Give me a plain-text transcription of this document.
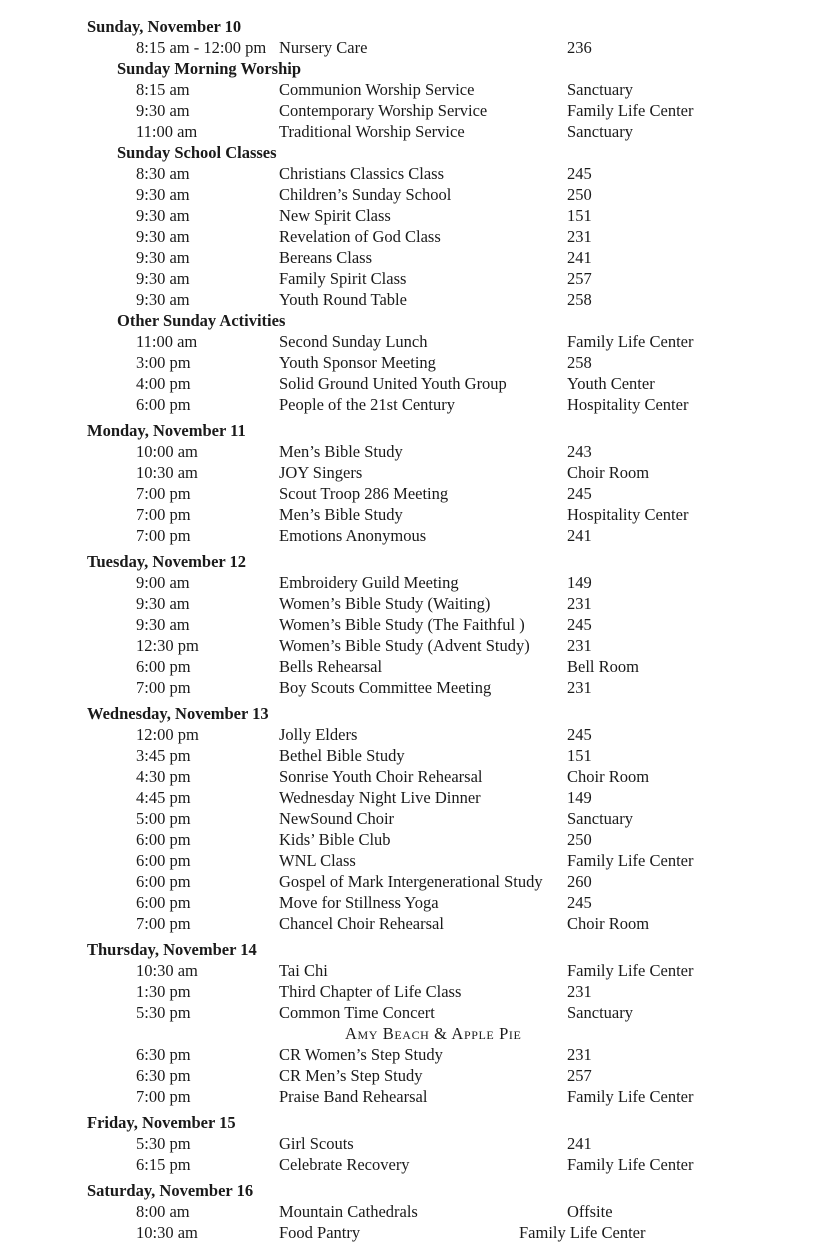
Sunday, November 10
8:15 am - 12:00 pm Nursery Care	236
Sunday Morning Worship
8:15 am	Communion Worship Service	Sanctuary
9:30 am	Contemporary Worship Service	Family Life Center
11:00 am	Traditional Worship Service	Sanctuary
Sunday School Classes
8:30 am	Christians Classics Class	245
9:30 am	Children’s Sunday School	250
9:30 am	New Spirit Class	151
9:30 am	Revelation of God Class	231
9:30 am	Bereans Class	241
9:30 am	Family Spirit Class	257
9:30 am	Youth Round Table	258
Other Sunday Activities
11:00 am	Second Sunday Lunch	Family Life Center
3:00 pm	Youth Sponsor Meeting	258
4:00 pm	Solid Ground United Youth Group	Youth Center
6:00 pm	People of the 21st Century	Hospitality Center
Monday, November 11
10:00 am	Men’s Bible Study	243
10:30 am	JOY Singers	Choir Room
7:00 pm	Scout Troop 286 Meeting	245
7:00 pm	Men’s Bible Study	Hospitality Center
7:00 pm	Emotions Anonymous	241
Tuesday, November 12
9:00 am	Embroidery Guild Meeting	149
9:30 am	Women’s Bible Study (Waiting)	231
9:30 am	Women’s Bible Study (The Faithful )	245
12:30 pm	Women’s Bible Study (Advent Study) 231
6:00 pm	Bells Rehearsal	Bell Room
7:00 pm	Boy Scouts Committee Meeting	231
Wednesday, November 13
12:00 pm	Jolly Elders	245
3:45 pm	Bethel Bible Study	151
4:30 pm	Sonrise Youth Choir Rehearsal	Choir Room
4:45 pm	Wednesday Night Live Dinner	149
5:00 pm	NewSound Choir	Sanctuary
6:00 pm	Kids’ Bible Club	250
6:00 pm	WNL Class	Family Life Center
6:00 pm	Gospel of Mark Intergenerational Study 260
6:00 pm	Move for Stillness Yoga	245
7:00 pm	Chancel Choir Rehearsal	Choir Room
Thursday, November 14
10:30 am	Tai Chi	Family Life Center
1:30 pm	Third Chapter of Life Class	231
5:30 pm	Common Time Concert	Sanctuary
Amy Beach & Apple Pie
6:30 pm	CR Women’s Step Study	231
6:30 pm	CR Men’s Step Study	257
7:00 pm	Praise Band Rehearsal	Family Life Center
Friday, November 15
5:30 pm	Girl Scouts	241
6:15 pm	Celebrate Recovery	Family Life Center
Saturday, November 16
8:00 am	Mountain Cathedrals	Offsite
10:30 am	Food Pantry	Family Life Center
